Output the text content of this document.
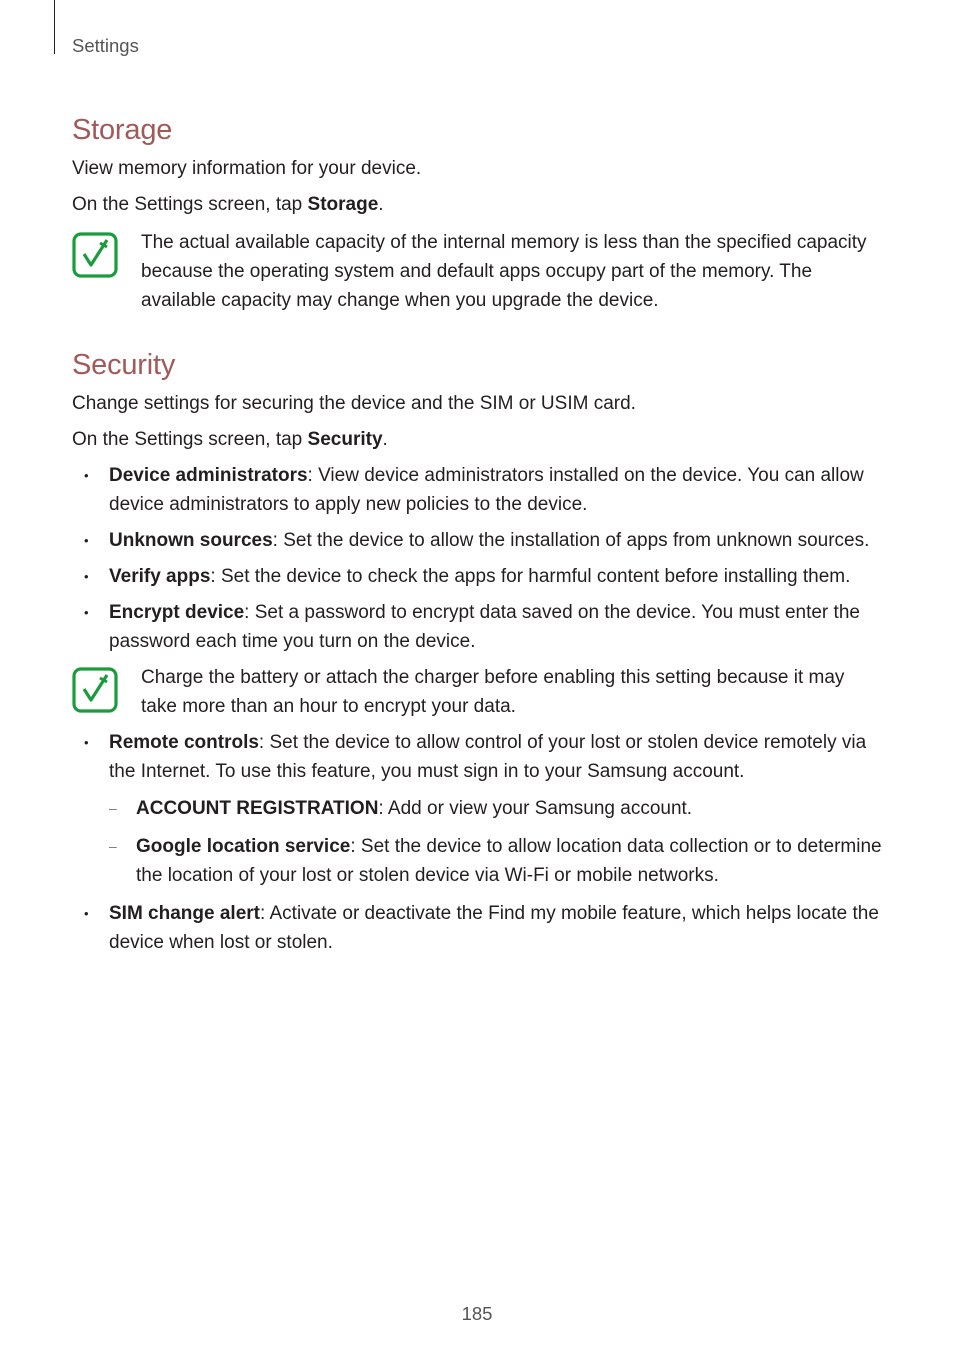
Settings
Storage

View memory information for your device.

On the Settings screen, tap Storage.

The actual available capacity of the internal memory is less than the specified capacity because the operating system and default apps occupy part of the memory. The available capacity may change when you upgrade the device.

Security

Change settings for securing the device and the SIM or USIM card.

On the Settings screen, tap Security.

• Device administrators: View device administrators installed on the device. You can allow device administrators to apply new policies to the device.
• Unknown sources: Set the device to allow the installation of apps from unknown sources.
• Verify apps: Set the device to check the apps for harmful content before installing them.
• Encrypt device: Set a password to encrypt data saved on the device. You must enter the password each time you turn on the device.

Charge the battery or attach the charger before enabling this setting because it may take more than an hour to encrypt your data.

• Remote controls: Set the device to allow control of your lost or stolen device remotely via the Internet. To use this feature, you must sign in to your Samsung account.
– ACCOUNT REGISTRATION: Add or view your Samsung account.
– Google location service: Set the device to allow location data collection or to determine the location of your lost or stolen device via Wi-Fi or mobile networks.
• SIM change alert: Activate or deactivate the Find my mobile feature, which helps locate the device when lost or stolen.
185
